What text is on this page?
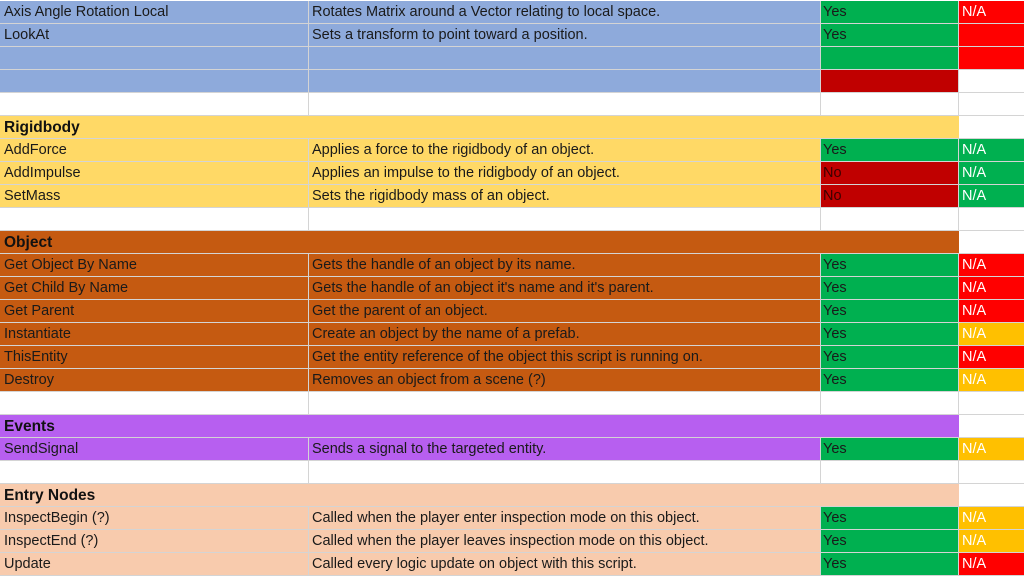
Axis Angle Rotation Local	Rotates Matrix around a Vector relating to local space.	Yes	N/A
LookAt	Sets a transform to point toward a position.	Yes
Rigidbody
AddForce	Applies a force to the rigidbody of an object.	Yes	N/A
AddImpulse	Applies an impulse to the ridigbody of an object.	No	N/A
SetMass	Sets the rigidbody mass of an object.	No	N/A
Object
Get Object By Name	Gets the handle of an object by its name.	Yes	N/A
Get Child By Name	Gets the handle of an object it's name and it's parent.	Yes	N/A
Get Parent	Get the parent of an object.	Yes	N/A
Instantiate	Create an object by the name of a prefab.	Yes	N/A
ThisEntity	Get the entity reference of the object this script is running on.	Yes	N/A
Destroy	Removes an object from a scene (?)	Yes	N/A
Events
SendSignal	Sends a signal to the targeted entity.	Yes	N/A
Entry Nodes
InspectBegin (?)	Called when the player enter inspection mode on this object.	Yes	N/A
InspectEnd (?)	Called when the player leaves inspection mode on this object.	Yes	N/A
Update	Called every logic update on object with this script.	Yes	N/A
